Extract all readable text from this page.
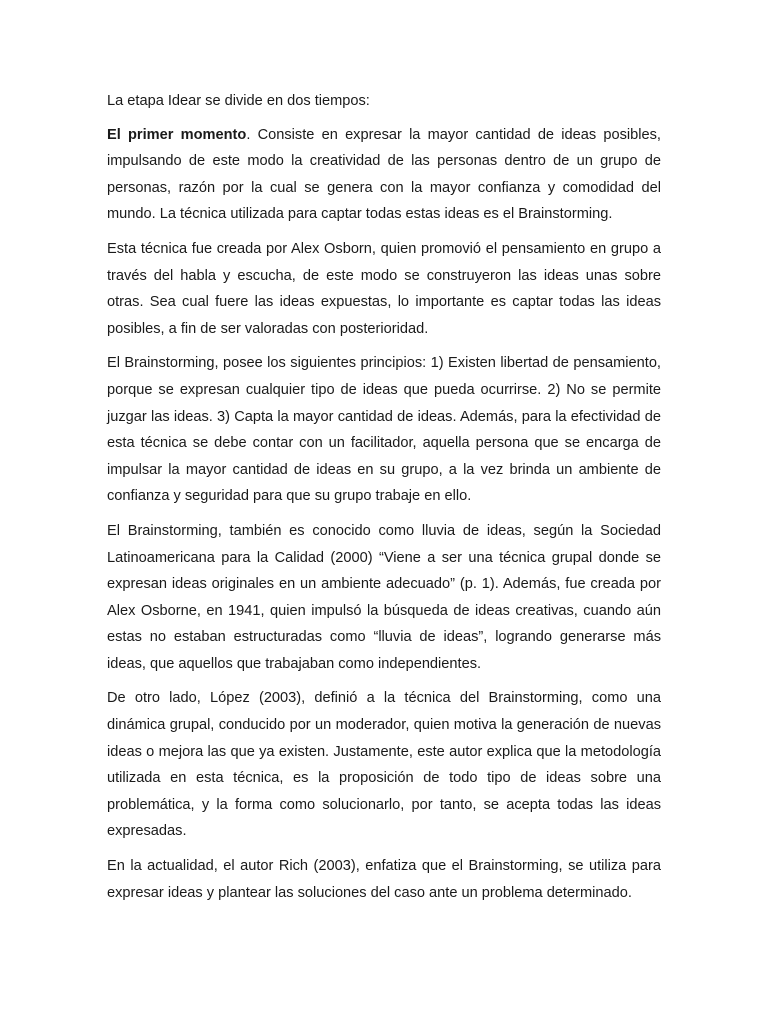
La etapa Idear se divide en dos tiempos:

El primer momento. Consiste en expresar la mayor cantidad de ideas posibles, impulsando de este modo la creatividad de las personas dentro de un grupo de personas, razón por la cual se genera con la mayor confianza y comodidad del mundo. La técnica utilizada para captar todas estas ideas es el Brainstorming.

Esta técnica fue creada por Alex Osborn, quien promovió el pensamiento en grupo a través del habla y escucha, de este modo se construyeron las ideas unas sobre otras. Sea cual fuere las ideas expuestas, lo importante es captar todas las ideas posibles, a fin de ser valoradas con posterioridad.

El Brainstorming, posee los siguientes principios: 1) Existen libertad de pensamiento, porque se expresan cualquier tipo de ideas que pueda ocurrirse. 2) No se permite juzgar las ideas. 3) Capta la mayor cantidad de ideas. Además, para la efectividad de esta técnica se debe contar con un facilitador, aquella persona que se encarga de impulsar la mayor cantidad de ideas en su grupo, a la vez brinda un ambiente de confianza y seguridad para que su grupo trabaje en ello.

El Brainstorming, también es conocido como lluvia de ideas, según la Sociedad Latinoamericana para la Calidad (2000) “Viene a ser una técnica grupal donde se expresan ideas originales en un ambiente adecuado” (p. 1). Además, fue creada por Alex Osborne, en 1941, quien impulsó la búsqueda de ideas creativas, cuando aún estas no estaban estructuradas como “lluvia de ideas”, logrando generarse más ideas, que aquellos que trabajaban como independientes.

De otro lado, López (2003), definió a la técnica del Brainstorming, como una dinámica grupal, conducido por un moderador, quien motiva la generación de nuevas ideas o mejora las que ya existen. Justamente, este autor explica que la metodología utilizada en esta técnica, es la proposición de todo tipo de ideas sobre una problemática, y la forma como solucionarlo, por tanto, se acepta todas las ideas expresadas.

En la actualidad, el autor Rich (2003), enfatiza que el Brainstorming, se utiliza para expresar ideas y plantear las soluciones del caso ante un problema determinado.
